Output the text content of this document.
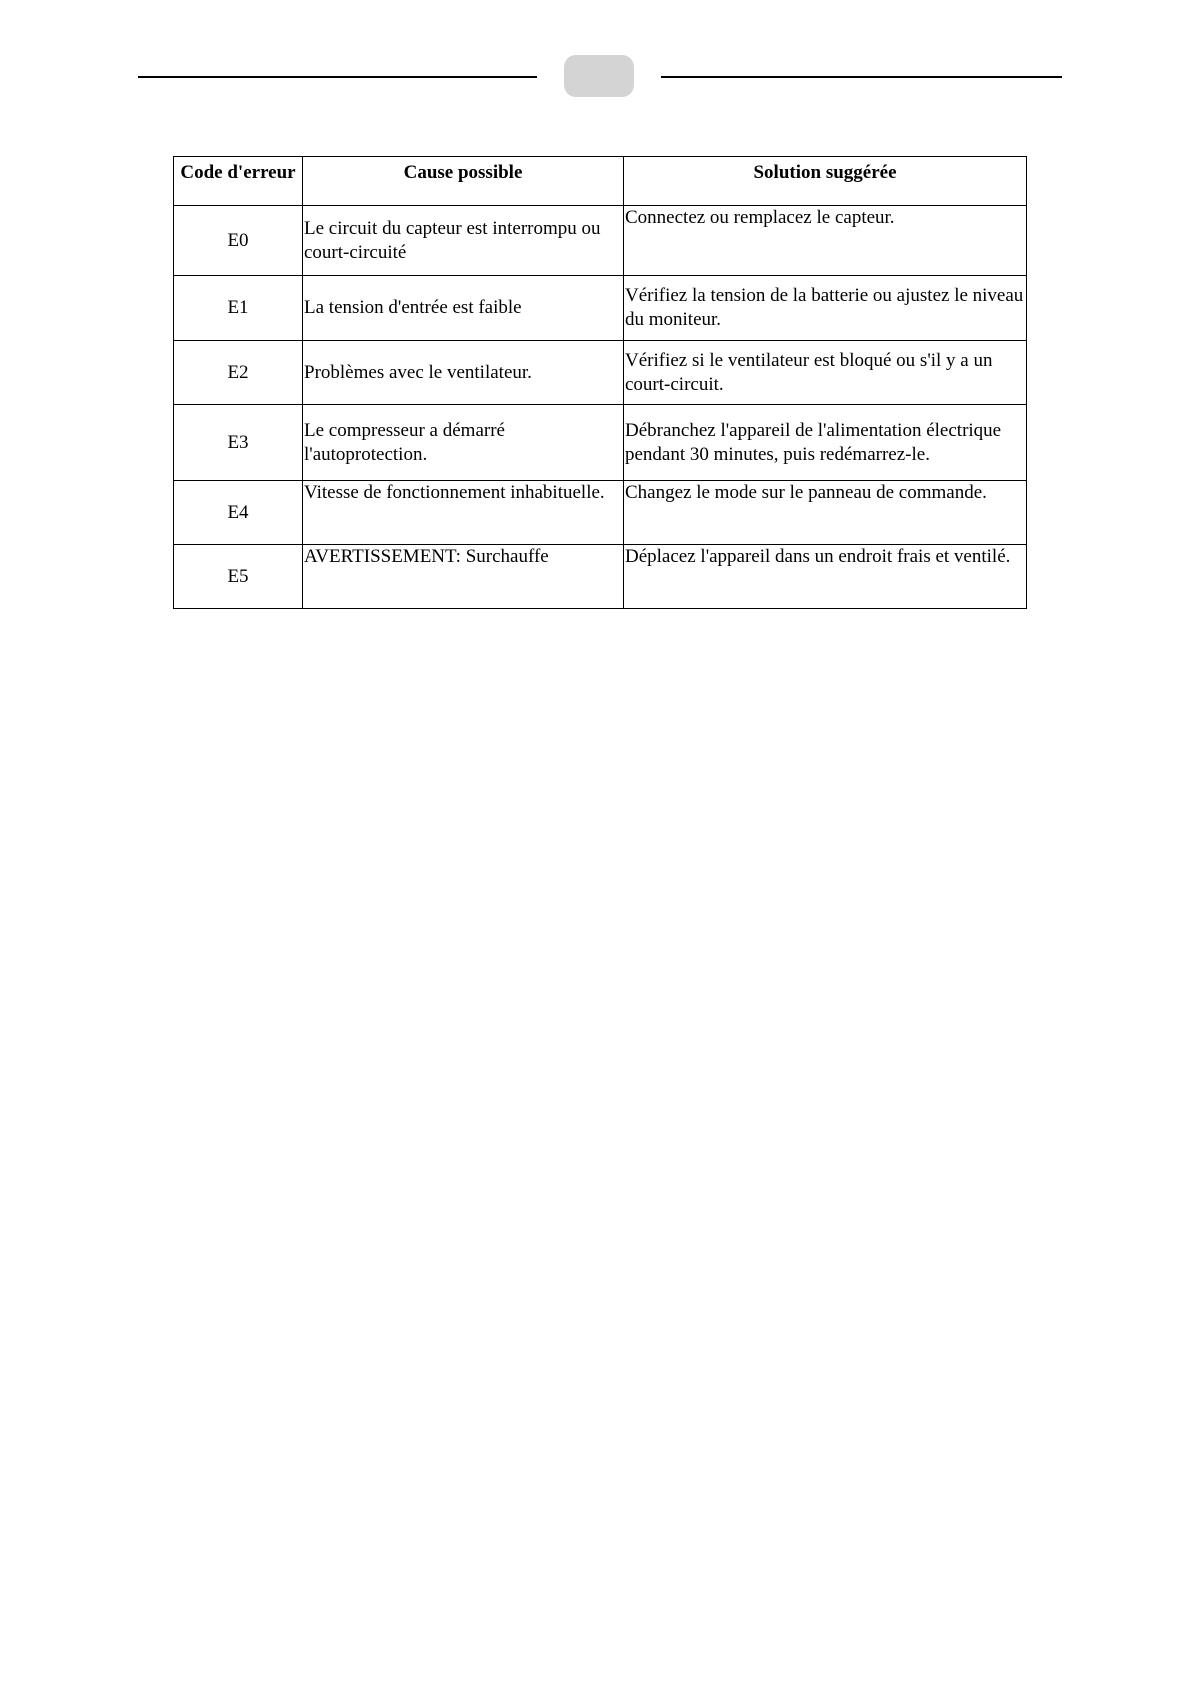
Code d'erreur	Cause possible	Solution suggérée
E0	Le circuit du capteur est interrompu ou court-circuité	Connectez ou remplacez le capteur.
E1	La tension d'entrée est faible	Vérifiez la tension de la batterie ou ajustez le niveau du moniteur.
E2	Problèmes avec le ventilateur.	Vérifiez si le ventilateur est bloqué ou s'il y a un court-circuit.
E3	Le compresseur a démarré l'autoprotection.	Débranchez l'appareil de l'alimentation électrique pendant 30 minutes, puis redémarrez-le.
E4	Vitesse de fonctionnement inhabituelle.	Changez le mode sur le panneau de commande.
E5	AVERTISSEMENT: Surchauffe	Déplacez l'appareil dans un endroit frais et ventilé.
